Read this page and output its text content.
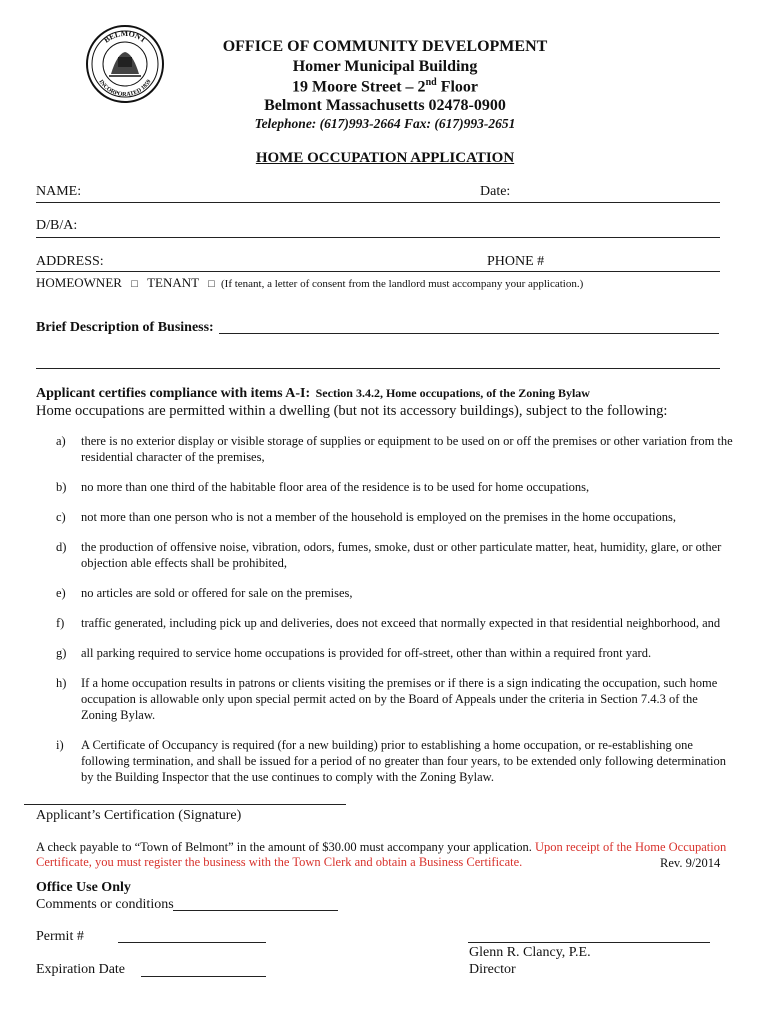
BELMONT
INCORPORATED 1859
OFFICE OF COMMUNITY DEVELOPMENT
Homer Municipal Building
19 Moore Street – 2nd Floor
Belmont Massachusetts 02478-0900
Telephone: (617)993-2664 Fax: (617)993-2651
HOME OCCUPATION APPLICATION
NAME:	Date:
D/B/A:
ADDRESS:	PHONE #
HOMEOWNER □ TENANT □ (If tenant, a letter of consent from the landlord must accompany your application.)
Brief Description of Business:
Applicant certifies compliance with items A-I: Section 3.4.2, Home occupations, of the Zoning Bylaw
Home occupations are permitted within a dwelling (but not its accessory buildings), subject to the following:
a)	there is no exterior display or visible storage of supplies or equipment to be used on or off the premises or other variation from the residential character of the premises,
b)	no more than one third of the habitable floor area of the residence is to be used for home occupations,
c)	not more than one person who is not a member of the household is employed on the premises in the home occupations,
d)	the production of offensive noise, vibration, odors, fumes, smoke, dust or other particulate matter, heat, humidity, glare, or other objection able effects shall be prohibited,
e)	no articles are sold or offered for sale on the premises,
f)	traffic generated, including pick up and deliveries, does not exceed that normally expected in that residential neighborhood, and
g)	all parking required to service home occupations is provided for off-street, other than within a required front yard.
h)	If a home occupation results in patrons or clients visiting the premises or if there is a sign indicating the occupation, such home occupation is allowable only upon special permit acted on by the Board of Appeals under the criteria in Section 7.4.3 of the Zoning Bylaw.
i)	A Certificate of Occupancy is required (for a new building) prior to establishing a home occupation, or re-establishing one following termination, and shall be issued for a period of no greater than four years, to be extended only following determination by the Building Inspector that the use continues to comply with the Zoning Bylaw.
Applicant’s Certification (Signature)
A check payable to “Town of Belmont” in the amount of $30.00 must accompany your application. Upon receipt of the Home Occupation
Certificate, you must register the business with the Town Clerk and obtain a Business Certificate.	Rev. 9/2014
Office Use Only
Comments or conditions
Permit #
Glenn R. Clancy, P.E.
Director
Expiration Date
